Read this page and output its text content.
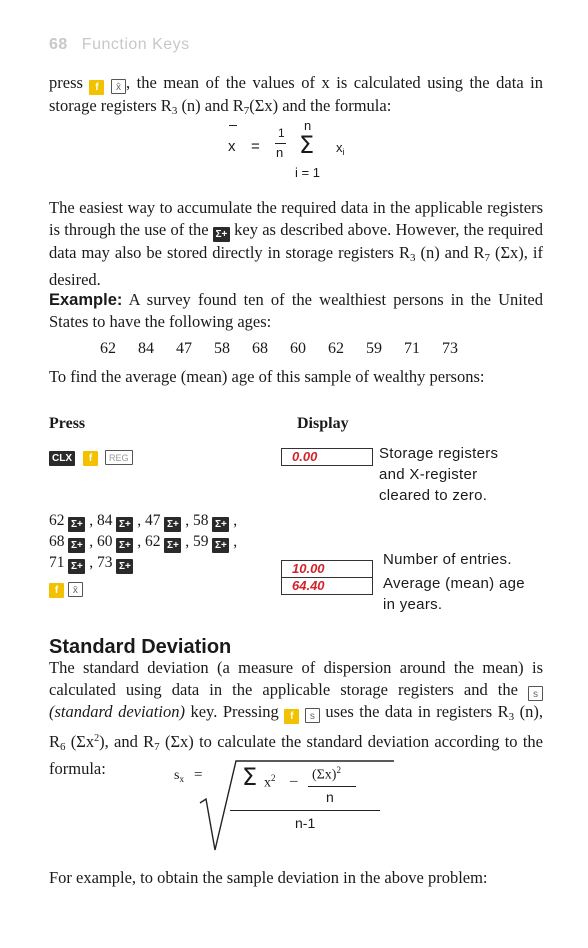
68 Function Keys
press f x̄ , the mean of the values of x is calculated using the data in storage registers $R_3$ (n) and $R_7(\Sigma x)$ and the formula:
x =
1
n
n
Σ
i = 1
$x_i$
The easiest way to accumulate the required data in the applicable registers is through the use of the Σ+ key as described above. However, the required data may also be stored directly in storage registers $R_3$ (n) and $R_7$ (Σx), if desired.
Example: A survey found ten of the wealthiest persons in the United States to have the following ages:
62 84 47 58 68 60 62 59 71 73
To find the average (mean) age of this sample of wealthy persons:
Press	Display
CLX f REG	0.00	Storage registers
and X-register
cleared to zero.
62 Σ+ , 84 Σ+ , 47 Σ+ , 58 Σ+ ,
68 Σ+ , 60 Σ+ , 62 Σ+ , 59 Σ+ ,
71 Σ+ , 73 Σ+
f x̄
10.00
Number of entries.
64.40	Average (mean) age
in years.
Standard Deviation
The standard deviation (a measure of dispersion around the mean) is calculated using data in the applicable storage registers and the s (standard deviation) key. Pressing f s uses the data in registers $R_3$ (n), $R_6$ $(\Sigma x^2)$, and $R_7$ (Σx) to calculate the standard deviation according to the formula:	$s_x = \Sigma$ $x^2 - (\Sigma x)^2$
n
n-1
For example, to obtain the sample deviation in the above problem:
